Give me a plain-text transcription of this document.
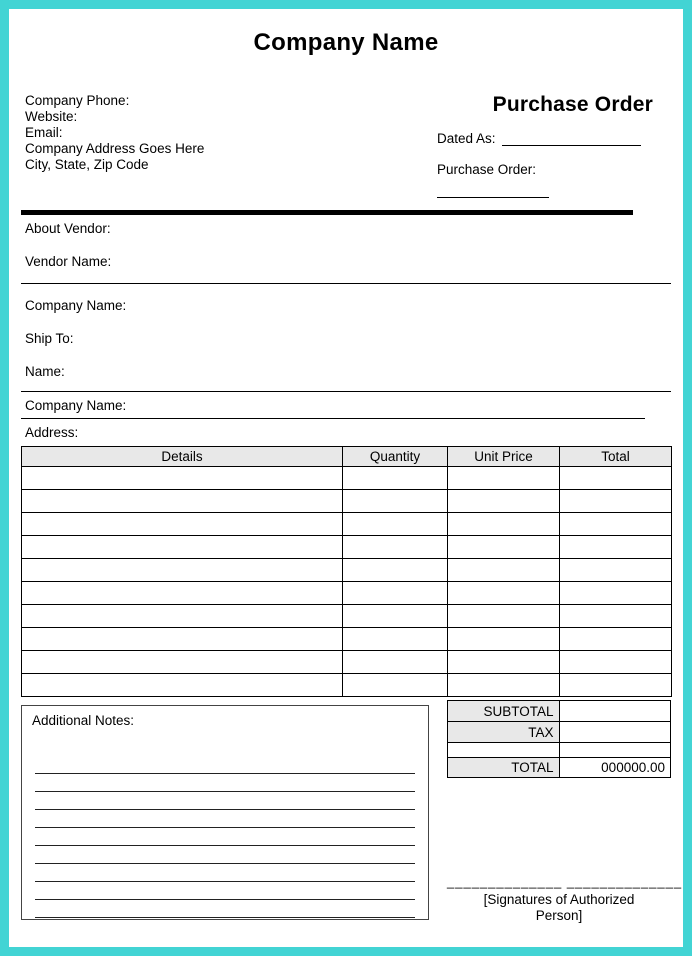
Company Name
Company Phone:
Website:
Email:
Company Address Goes Here
City, State, Zip Code
Purchase Order
Dated As:
Purchase Order:
About Vendor:
Vendor Name:
Company Name:
Ship To:
Name:
Company Name:
Address:
Details	Quantity	Unit Price	Total

Additional Notes:
SUBTOTAL	
TAX	

TOTAL	000000.00
______________ ______________
[Signatures of Authorized Person]
